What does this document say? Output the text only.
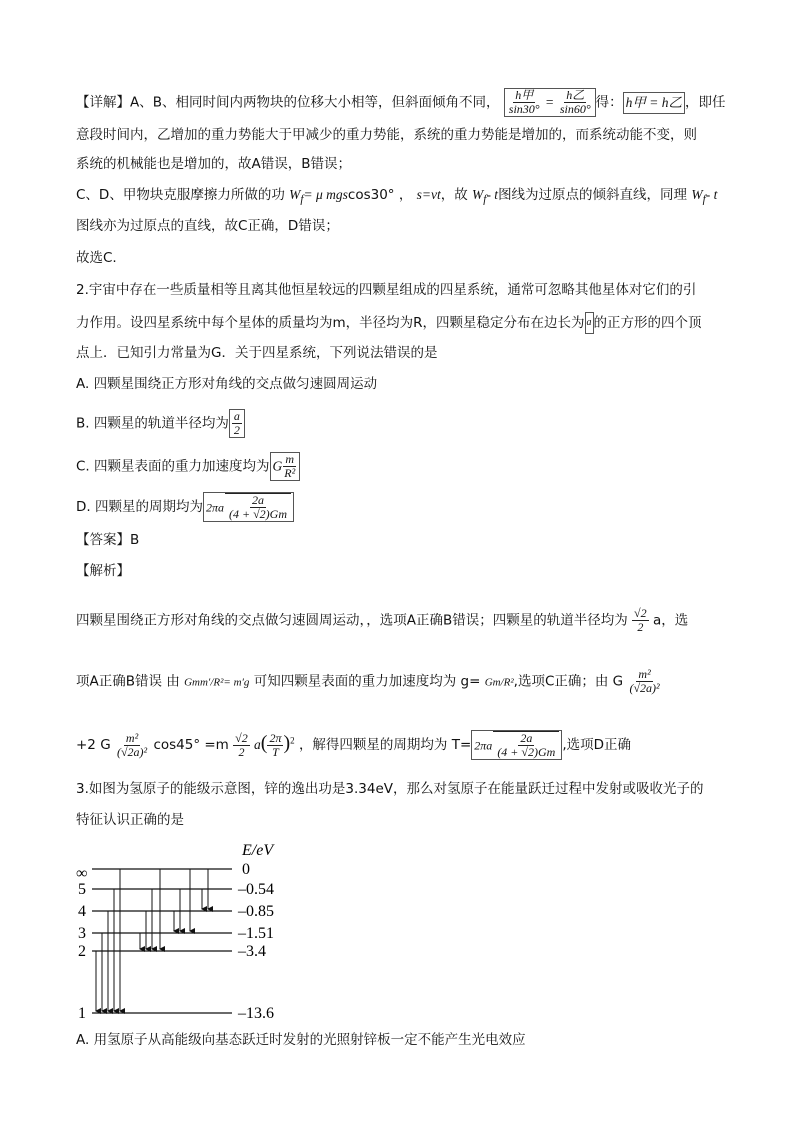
【详解】A、B、相同时间内两物块的位移大小相等，但斜面倾角不同， $\frac{\text{h甲}}{\sin 30^\circ} = \frac{\text{h乙}}{\sin 60^\circ}$ 得： h甲 = h乙 ，即任
意段时间内，乙增加的重力势能大于甲减少的重力势能，系统的重力势能是增加的，而系统动能不变，则
系统的机械能也是增加的，故A错误，B错误；
C、D、甲物块克服摩擦力所做的功 $W_f= \mu$ mgscos30° ， s=vt，故 $W_f-$ t图线为过原点的倾斜直线，同理 $W_f-$ t
图线亦为过原点的直线，故C正确，D错误；
故选C.
2.宇宙中存在一些质量相等且离其他恒星较远的四颗星组成的四星系统，通常可忽略其他星体对它们的引
力作用。设四星系统中每个星体的质量均为m，半径均为R，四颗星稳定分布在边长为 a 的正方形的四个顶
点上．已知引力常量为G．关于四星系统，下列说法错误的是
A. 四颗星围绕正方形对角线的交点做匀速圆周运动
B. 四颗星的轨道半径均为 $\frac{a}{2}$
C. 四颗星表面的重力加速度均为 G $\frac{m}{\text{R²}}$
D. 四颗星的周期均为 $2\pi a \frac{2a}{(4 + √2)Gm}$
【答案】B
【解析】
四颗星围绕正方形对角线的交点做匀速圆周运动，，选项A正确B错误；四颗星的轨道半径均为 $\frac{√2}{2}$ a，选
项A正确B错误 由 Gmm′/R²= m′g 可知四颗星表面的重力加速度均为 g= Gm/R²,选项C正确；由 G $\frac{\text{m²}}{\text{(√2a)²}}$
+2 G $\frac{\text{m²}}{\text{(√2a)²}} \cos 45^\circ =m \frac{√2}{2} a( \frac{2\pi}{T} )^2$ ，解得四颗星的周期均为 $T= 2\pi a \frac{2a}{(4 + √2)Gm}$ ,选项D正确
3.如图为氢原子的能级示意图，锌的逸出功是3.34eV，那么对氢原子在能量跃迁过程中发射或吸收光子的
特征认识正确的是
E/eV
∞
5
4
3
2
1
0
–0.54
–0.85
–1.51
–3.4
–13.6
A. 用氢原子从高能级向基态跃迁时发射的光照射锌板一定不能产生光电效应
